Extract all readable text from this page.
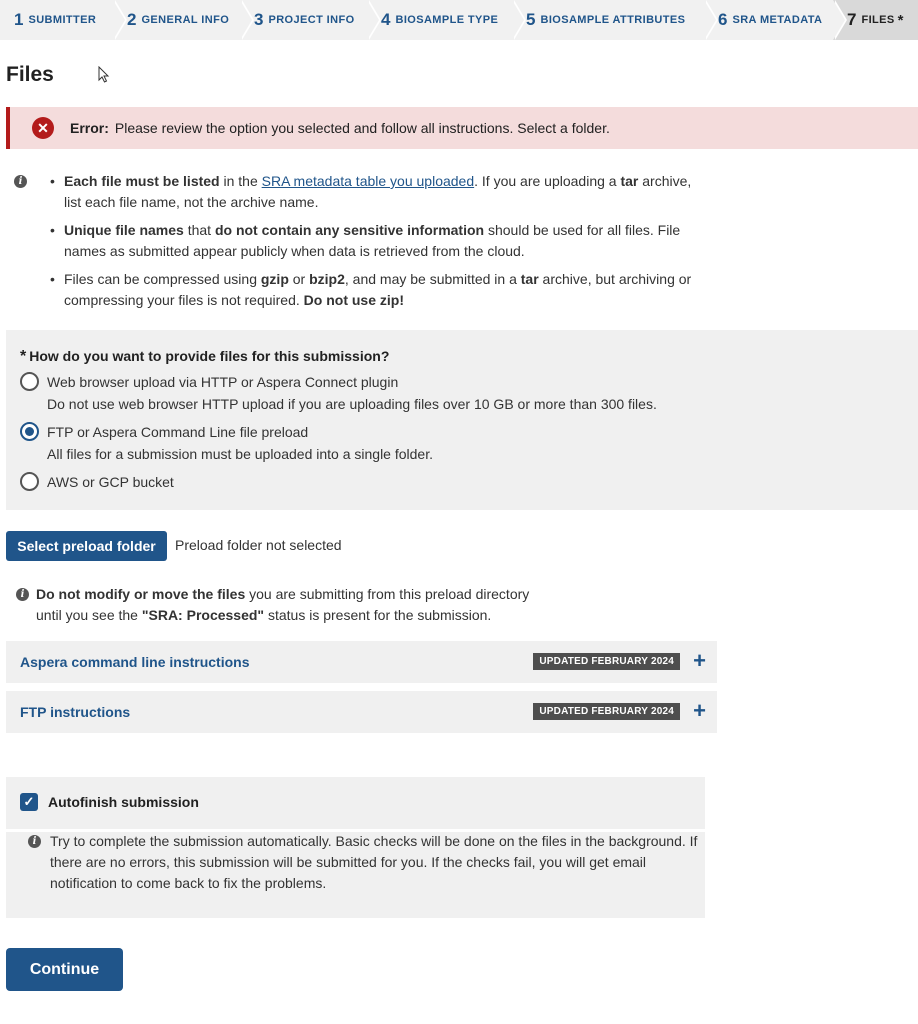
1 SUBMITTER 2 GENERAL INFO 3 PROJECT INFO 4 BIOSAMPLE TYPE 5 BIOSAMPLE ATTRIBUTES 6 SRA METADATA 7 FILES *
Files
✕	Error: Please review the option you selected and follow all instructions. Select a folder.
i
•	Each file must be listed in the SRA metadata table you uploaded. If you are uploading a tar archive, list each file name, not the archive name.
• Unique file names that do not contain any sensitive information should be used for all files. File names as submitted appear publicly when data is retrieved from the cloud.
• Files can be compressed using gzip or bzip2, and may be submitted in a tar archive, but archiving or compressing your files is not required. Do not use zip!
* How do you want to provide files for this submission?
Web browser upload via HTTP or Aspera Connect plugin
Do not use web browser HTTP upload if you are uploading files over 10 GB or more than 300 files.
FTP or Aspera Command Line file preload
All files for a submission must be uploaded into a single folder.
AWS or GCP bucket
Select preload folder	Preload folder not selected
i Do not modify or move the files you are submitting from this preload directory
until you see the "SRA: Processed" status is present for the submission.
Aspera command line instructions	UPDATED FEBRUARY 2024 +
FTP instructions	UPDATED FEBRUARY 2024 +
✓ Autofinish submission
i Try to complete the submission automatically. Basic checks will be done on the files in the background. If there are no errors, this submission will be submitted for you. If the checks fail, you will get email notification to come back to fix the problems.

Continue
